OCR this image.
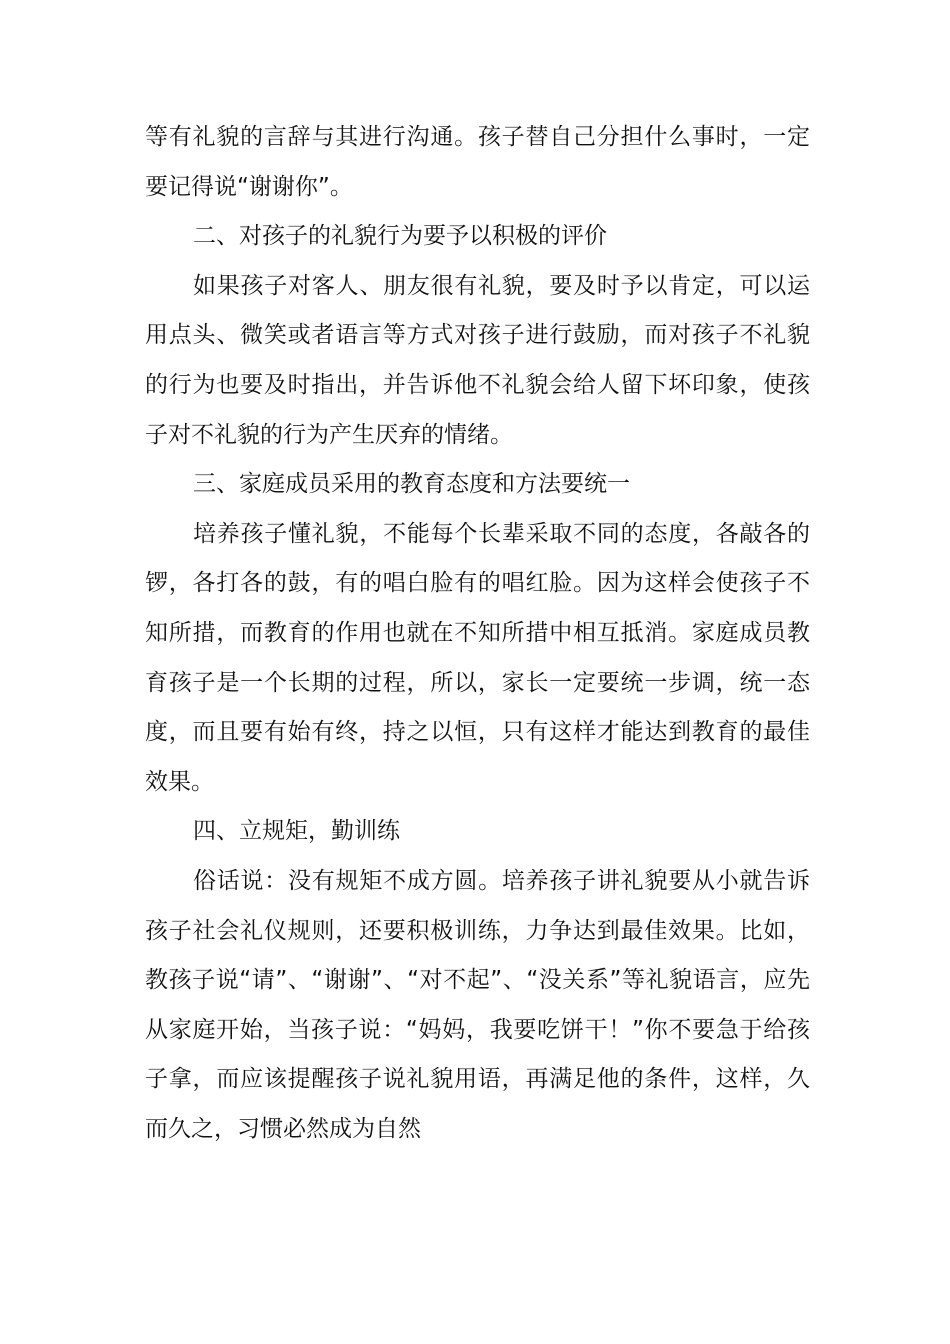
等有礼貌的言辞与其进行沟通。孩子替自己分担什么事时，一定要记得说“谢谢你”。

二、对孩子的礼貌行为要予以积极的评价

如果孩子对客人、朋友很有礼貌，要及时予以肯定，可以运用点头、微笑或者语言等方式对孩子进行鼓励，而对孩子不礼貌的行为也要及时指出，并告诉他不礼貌会给人留下坏印象，使孩子对不礼貌的行为产生厌弃的情绪。

三、家庭成员采用的教育态度和方法要统一

培养孩子懂礼貌，不能每个长辈采取不同的态度，各敲各的锣，各打各的鼓，有的唱白脸有的唱红脸。因为这样会使孩子不知所措，而教育的作用也就在不知所措中相互抵消。家庭成员教育孩子是一个长期的过程，所以，家长一定要统一步调，统一态度，而且要有始有终，持之以恒，只有这样才能达到教育的最佳效果。

四、立规矩，勤训练

俗话说：没有规矩不成方圆。培养孩子讲礼貌要从小就告诉孩子社会礼仪规则，还要积极训练，力争达到最佳效果。比如，教孩子说“请”、“谢谢”、“对不起”、“没关系”等礼貌语言，应先从家庭开始，当孩子说：“妈妈，我要吃饼干！”你不要急于给孩子拿，而应该提醒孩子说礼貌用语，再满足他的条件，这样，久而久之，习惯必然成为自然
